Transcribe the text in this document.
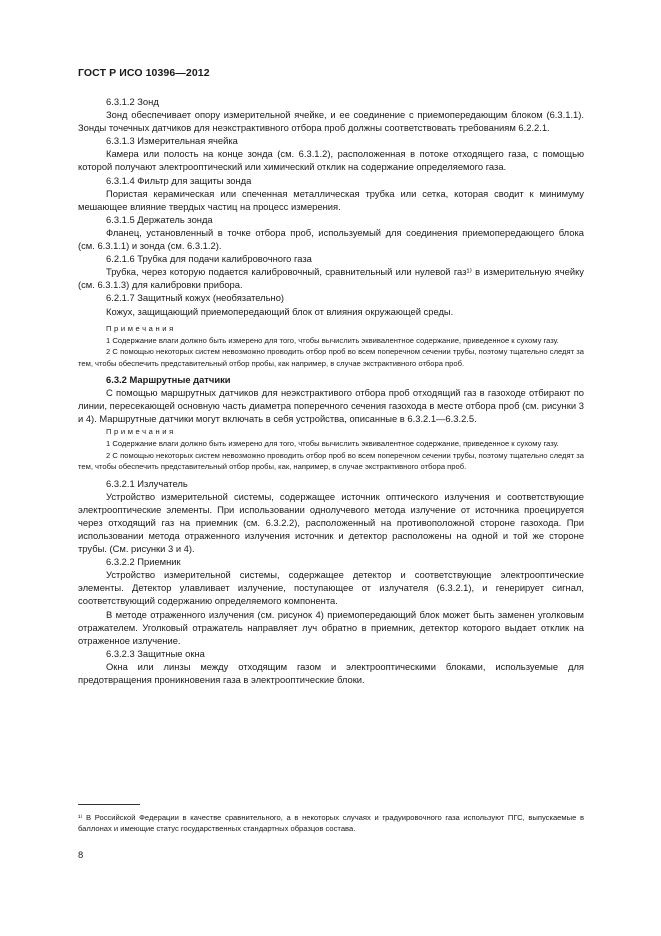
ГОСТ Р ИСО 10396—2012

6.3.1.2 Зонд

Зонд обеспечивает опору измерительной ячейке, и ее соединение с приемопередающим блоком (6.3.1.1). Зонды точечных датчиков для неэкстрактивного отбора проб должны соответствовать требованиям 6.2.2.1.

6.3.1.3 Измерительная ячейка

Камера или полость на конце зонда (см. 6.3.1.2), расположенная в потоке отходящего газа, с помощью которой получают электрооптический или химический отклик на содержание определяемого газа.

6.3.1.4 Фильтр для защиты зонда

Пористая керамическая или спеченная металлическая трубка или сетка, которая сводит к минимуму мешающее влияние твердых частиц на процесс измерения.

6.3.1.5 Держатель зонда

Фланец, установленный в точке отбора проб, используемый для соединения приемопередающего блока (см. 6.3.1.1) и зонда (см. 6.3.1.2).

6.2.1.6 Трубка для подачи калибровочного газа

Трубка, через которую подается калибровочный, сравнительный или нулевой газ¹⁾ в измерительную ячейку (см. 6.3.1.3) для калибровки прибора.

6.2.1.7 Защитный кожух (необязательно)

Кожух, защищающий приемопередающий блок от влияния окружающей среды.

Примечания

1 Содержание влаги должно быть измерено для того, чтобы вычислить эквивалентное содержание, приведенное к сухому газу.

2 С помощью некоторых систем невозможно проводить отбор проб во всем поперечном сечении трубы, поэтому тщательно следят за тем, чтобы обеспечить представительный отбор пробы, как например, в случае экстрактивного отбора проб.

6.3.2 Маршрутные датчики

С помощью маршрутных датчиков для неэкстрактивого отбора проб отходящий газ в газоходе отбирают по линии, пересекающей основную часть диаметра поперечного сечения газохода в месте отбора проб (см. рисунки 3 и 4). Маршрутные датчики могут включать в себя устройства, описанные в 6.3.2.1—6.3.2.5.

Примечания

1 Содержание влаги должно быть измерено для того, чтобы вычислить эквивалентное содержание, приведенное к сухому газу.

2 С помощью некоторых систем невозможно проводить отбор проб во всем поперечном сечении трубы, поэтому тщательно следят за тем, чтобы обеспечить представительный отбор пробы, как, например, в случае экстрактивного отбора проб.

6.3.2.1 Излучатель

Устройство измерительной системы, содержащее источник оптического излучения и соответствующие электрооптические элементы. При использовании однолучевого метода излучение от источника проецируется через отходящий газ на приемник (см. 6.3.2.2), расположенный на противоположной стороне газохода. При использовании метода отраженного излучения источник и детектор расположены на одной и той же стороне трубы. (См. рисунки 3 и 4).

6.3.2.2 Приемник

Устройство измерительной системы, содержащее детектор и соответствующие электрооптические элементы. Детектор улавливает излучение, поступающее от излучателя (6.3.2.1), и генерирует сигнал, соответствующий содержанию определяемого компонента.

В методе отраженного излучения (см. рисунок 4) приемопередающий блок может быть заменен уголковым отражателем. Уголковый отражатель направляет луч обратно в приемник, детектор которого выдает отклик на отраженное излучение.

6.3.2.3 Защитные окна

Окна или линзы между отходящим газом и электрооптическими блоками, используемые для предотвращения проникновения газа в электрооптические блоки.

¹⁾ В Российской Федерации в качестве сравнительного, а в некоторых случаях и градуировочного газа используют ПГС, выпускаемые в баллонах и имеющие статус государственных стандартных образцов состава.
8
